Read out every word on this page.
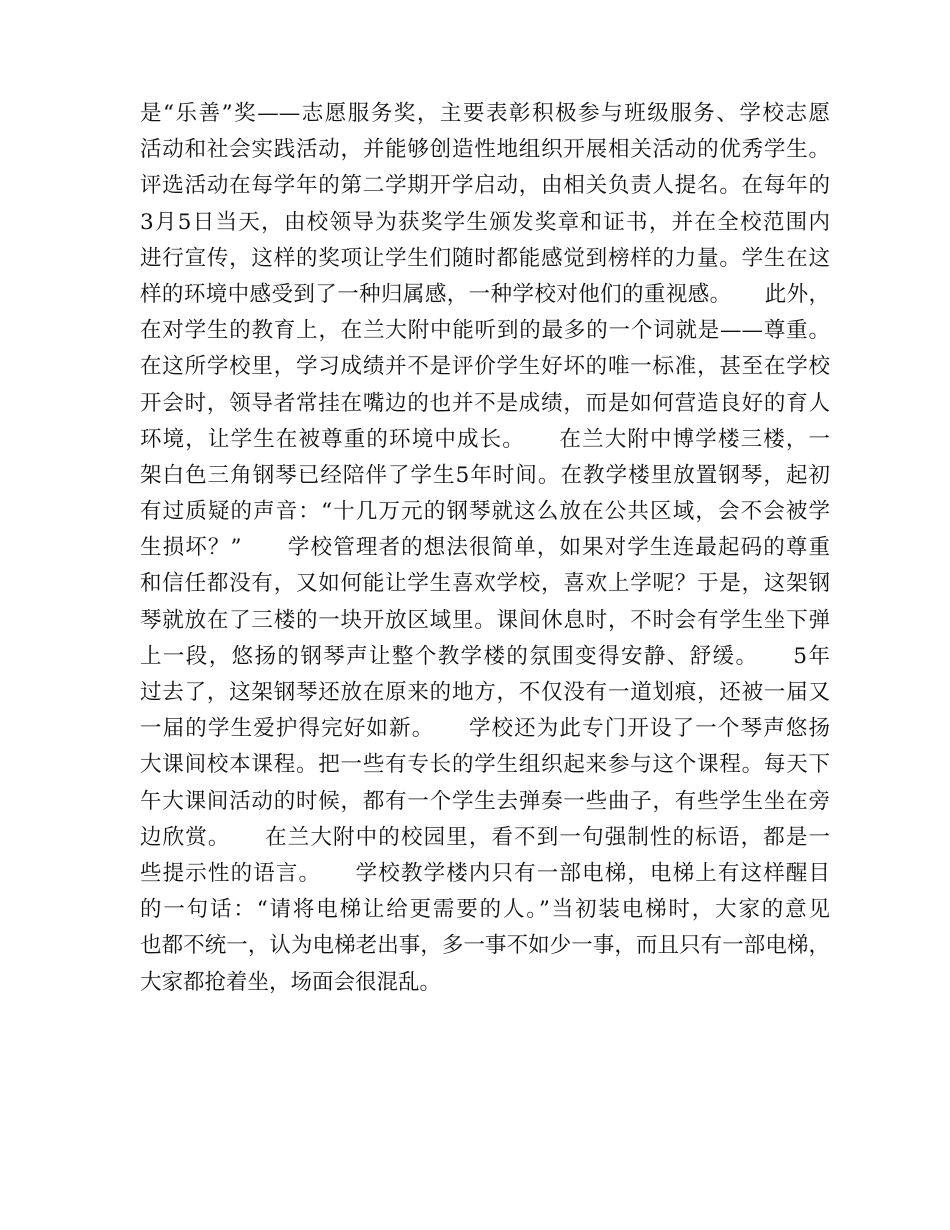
是“乐善”奖——志愿服务奖，主要表彰积极参与班级服务、学校志愿
活动和社会实践活动，并能够创造性地组织开展相关活动的优秀学生。
评选活动在每学年的第二学期开学启动，由相关负责人提名。在每年的
3月5日当天，由校领导为获奖学生颁发奖章和证书，并在全校范围内
进行宣传，这样的奖项让学生们随时都能感觉到榜样的力量。学生在这
样的环境中感受到了一种归属感，一种学校对他们的重视感。　　此外，
在对学生的教育上，在兰大附中能听到的最多的一个词就是——尊重。
在这所学校里，学习成绩并不是评价学生好坏的唯一标准，甚至在学校
开会时，领导者常挂在嘴边的也并不是成绩，而是如何营造良好的育人
环境，让学生在被尊重的环境中成长。　　在兰大附中博学楼三楼，一
架白色三角钢琴已经陪伴了学生5年时间。在教学楼里放置钢琴，起初
有过质疑的声音：“十几万元的钢琴就这么放在公共区域，会不会被学
生损坏？”　　学校管理者的想法很简单，如果对学生连最起码的尊重
和信任都没有，又如何能让学生喜欢学校，喜欢上学呢？于是，这架钢
琴就放在了三楼的一块开放区域里。课间休息时，不时会有学生坐下弹
上一段，悠扬的钢琴声让整个教学楼的氛围变得安静、舒缓。　　5年
过去了，这架钢琴还放在原来的地方，不仅没有一道划痕，还被一届又
一届的学生爱护得完好如新。　　学校还为此专门开设了一个琴声悠扬
大课间校本课程。把一些有专长的学生组织起来参与这个课程。每天下
午大课间活动的时候，都有一个学生去弹奏一些曲子，有些学生坐在旁
边欣赏。　　在兰大附中的校园里，看不到一句强制性的标语，都是一
些提示性的语言。　　学校教学楼内只有一部电梯，电梯上有这样醒目
的一句话：“请将电梯让给更需要的人。”当初装电梯时，大家的意见
也都不统一，认为电梯老出事，多一事不如少一事，而且只有一部电梯，
大家都抢着坐，场面会很混乱。
